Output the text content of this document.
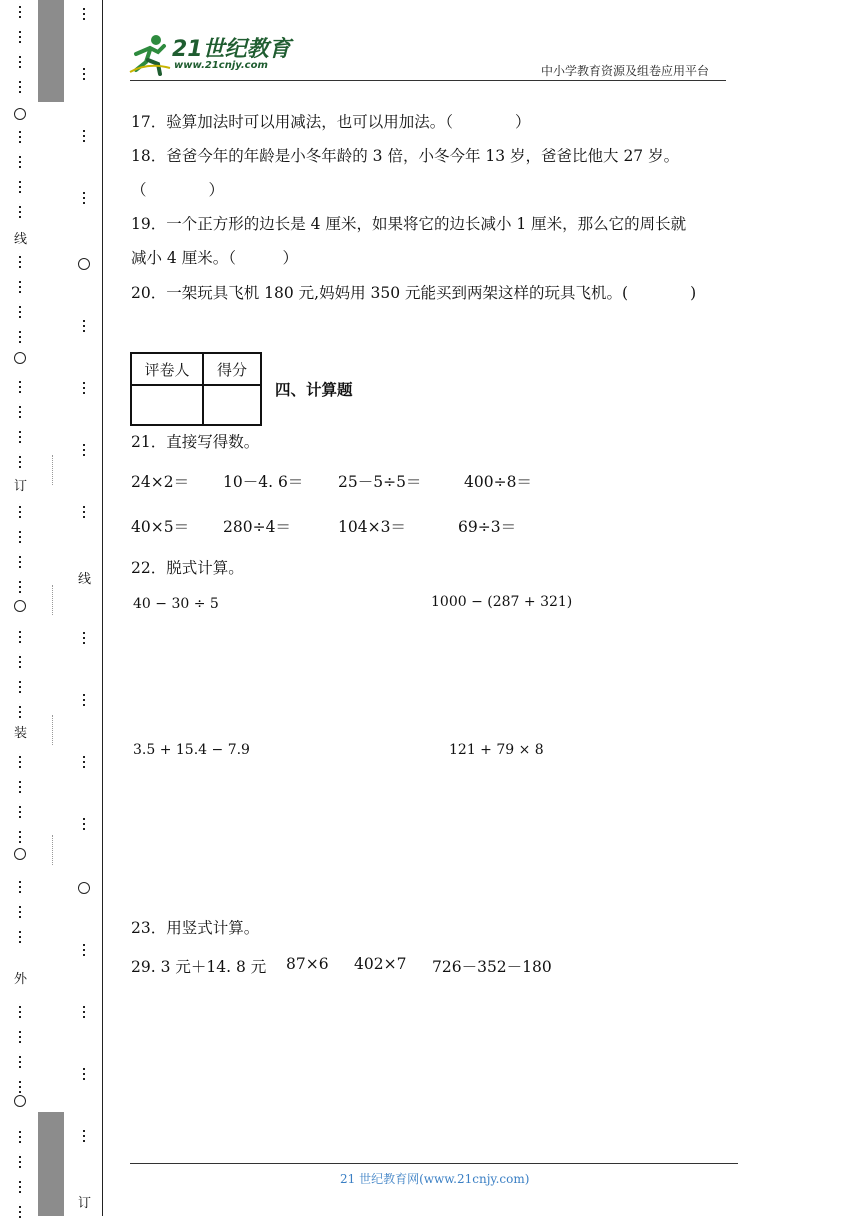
线
订
装
外
线
订
21世纪教育
www.21cnjy.com	中小学教育资源及组卷应用平台
17．验算加法时可以用减法，也可以用加法。（　　　　）
18．爸爸今年的年龄是小冬年龄的 3 倍，小冬今年 13 岁，爸爸比他大 27 岁。
（　　　　）
19．一个正方形的边长是 4 厘米，如果将它的边长减小 1 厘米，那么它的周长就
减小 4 厘米。（　　　）
20．一架玩具飞机 180 元,妈妈用 350 元能买到两架这样的玩具飞机。(　　　　)
评卷人	得分

四、计算题
21．直接写得数。
24×2＝ 10－4. 6＝ 25－5÷5＝	400÷8＝
40×5＝ 280÷4＝	104×3＝	69÷3＝
22．脱式计算。
40 − 30 ÷ 5	1000 − (287 + 321)
3.5 + 15.4 − 7.9	121 + 79 × 8
23．用竖式计算。
29. 3 元＋14. 8 元 87×6 402×7 726－352－180
21 世纪教育网(www.21cnjy.com)
